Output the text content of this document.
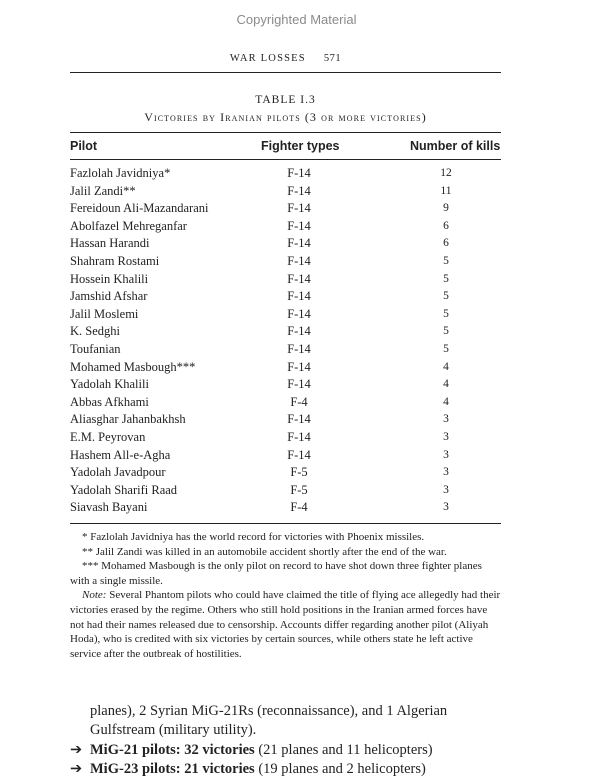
Copyrighted Material
WAR LOSSES 571
TABLE I.3
Victories by Iranian pilots (3 or more victories)
Pilot	Fighter types	Number of kills
Fazlolah Javidniya*	F-14	12
Jalil Zandi**	F-14	11
Fereidoun Ali-Mazandarani	F-14	9
Abolfazel Mehreganfar	F-14	6
Hassan Harandi	F-14	6
Shahram Rostami	F-14	5
Hossein Khalili	F-14	5
Jamshid Afshar	F-14	5
Jalil Moslemi	F-14	5
K. Sedghi	F-14	5
Toufanian	F-14	5
Mohamed Masbough***	F-14	4
Yadolah Khalili	F-14	4
Abbas Afkhami	F-4	4
Aliasghar Jahanbakhsh	F-14	3
E.M. Peyrovan	F-14	3
Hashem All-e-Agha	F-14	3
Yadolah Javadpour	F-5	3
Yadolah Sharifi Raad	F-5	3
Siavash Bayani	F-4	3

* Fazlolah Javidniya has the world record for victories with Phoenix missiles.

** Jalil Zandi was killed in an automobile accident shortly after the end of the war.

*** Mohamed Masbough is the only pilot on record to have shot down three fighter planes with a single missile.

Note: Several Phantom pilots who could have claimed the title of flying ace allegedly had their victories erased by the regime. Others who still hold positions in the Iranian armed forces have not had their names released due to censorship. Accounts differ regarding another pilot (Aliyah Hoda), who is credited with six victories by certain sources, while others state he left active service after the outbreak of hostilities.

planes), 2 Syrian MiG-21Rs (reconnaissance), and 1 Algerian Gulfstream (military utility).

➔ MiG-21 pilots: 32 victories (21 planes and 11 helicopters)

➔ MiG-23 pilots: 21 victories (19 planes and 2 helicopters)
